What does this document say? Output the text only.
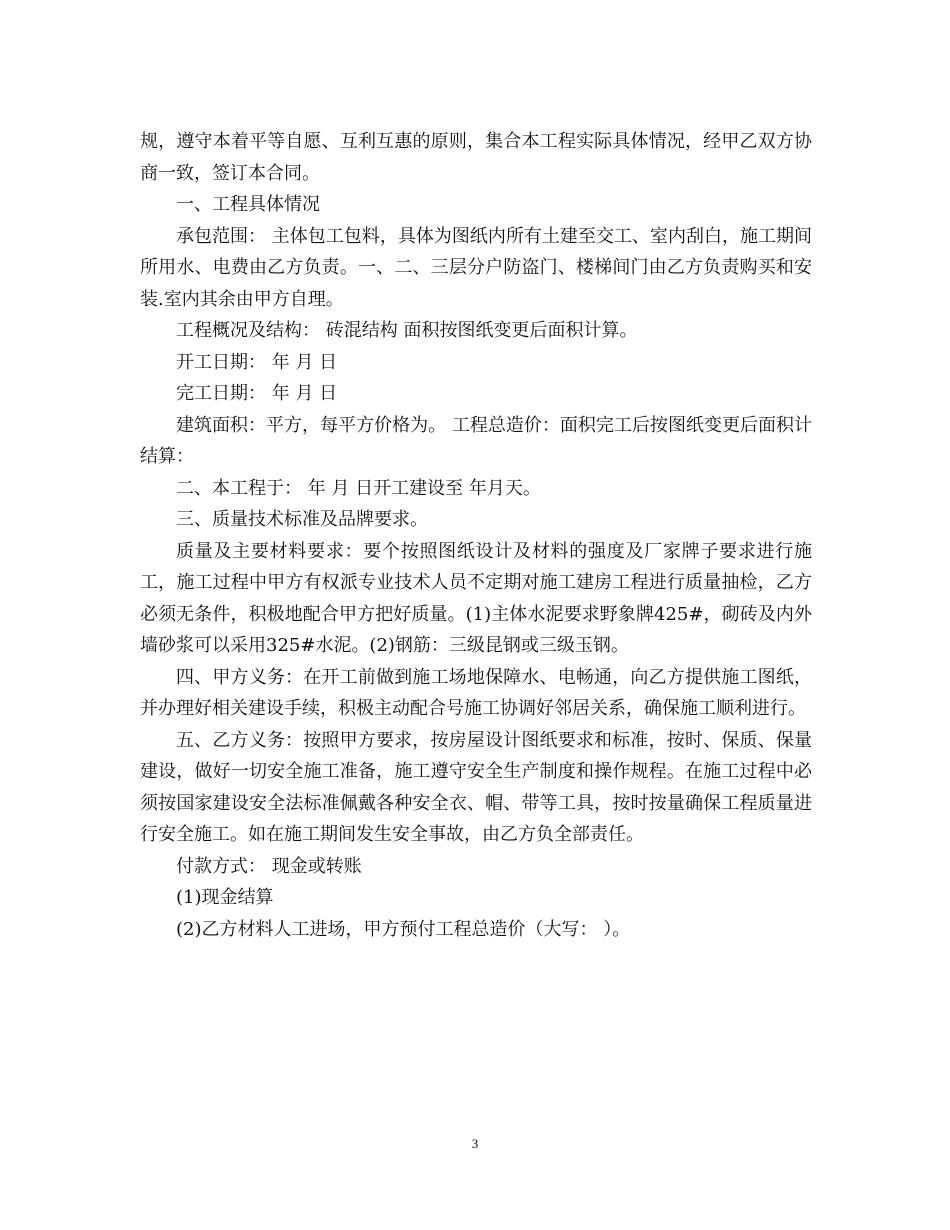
规，遵守本着平等自愿、互利互惠的原则，集合本工程实际具体情况，经甲乙双方协商一致，签订本合同。

一、工程具体情况

承包范围： 主体包工包料，具体为图纸内所有土建至交工、室内刮白，施工期间所用水、电费由乙方负责。一、二、三层分户防盗门、楼梯间门由乙方负责购买和安装.室内其余由甲方自理。

工程概况及结构： 砖混结构 面积按图纸变更后面积计算。

开工日期： 年 月 日

完工日期： 年 月 日

建筑面积：平方，每平方价格为。 工程总造价：面积完工后按图纸变更后面积计结算：

二、本工程于： 年 月 日开工建设至 年月天。

三、质量技术标准及品牌要求。

质量及主要材料要求：要个按照图纸设计及材料的强度及厂家牌子要求进行施工，施工过程中甲方有权派专业技术人员不定期对施工建房工程进行质量抽检，乙方必须无条件，积极地配合甲方把好质量。(1)主体水泥要求野象牌425#，砌砖及内外墙砂浆可以采用325#水泥。(2)钢筋：三级昆钢或三级玉钢。

四、甲方义务：在开工前做到施工场地保障水、电畅通，向乙方提供施工图纸，并办理好相关建设手续，积极主动配合号施工协调好邻居关系，确保施工顺利进行。

五、乙方义务：按照甲方要求，按房屋设计图纸要求和标准，按时、保质、保量建设，做好一切安全施工准备，施工遵守安全生产制度和操作规程。在施工过程中必须按国家建设安全法标准佩戴各种安全衣、帽、带等工具，按时按量确保工程质量进行安全施工。如在施工期间发生安全事故，由乙方负全部责任。

付款方式： 现金或转账

(1)现金结算

(2)乙方材料人工进场，甲方预付工程总造价（大写： ）。

3
